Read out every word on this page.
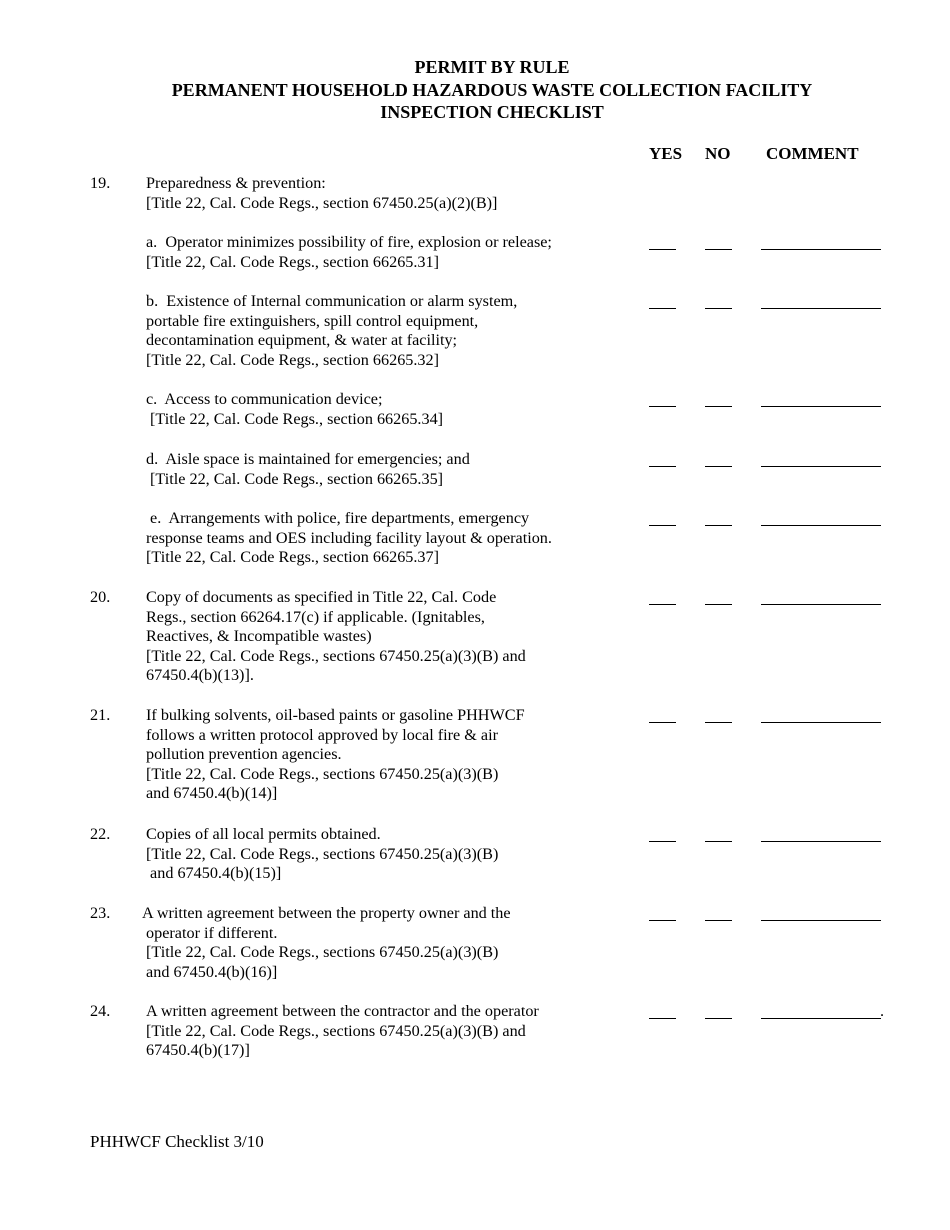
PERMIT BY RULE
PERMANENT HOUSEHOLD HAZARDOUS WASTE COLLECTION FACILITY
INSPECTION CHECKLIST
YES NO COMMENT
19. Preparedness & prevention:
[Title 22, Cal. Code Regs., section 67450.25(a)(2)(B)]
a.  Operator minimizes possibility of fire, explosion or release;
[Title 22, Cal. Code Regs., section 66265.31]
b.  Existence of Internal communication or alarm system,
portable fire extinguishers, spill control equipment,
decontamination equipment, & water at facility;
[Title 22, Cal. Code Regs., section 66265.32]
c.  Access to communication device;
[Title 22, Cal. Code Regs., section 66265.34]
d.  Aisle space is maintained for emergencies; and
[Title 22, Cal. Code Regs., section 66265.35]
e.  Arrangements with police, fire departments, emergency
response teams and OES including facility layout & operation.
[Title 22, Cal. Code Regs., section 66265.37]
20. Copy of documents as specified in Title 22, Cal. Code
Regs., section 66264.17(c) if applicable. (Ignitables,
Reactives, & Incompatible wastes)
[Title 22, Cal. Code Regs., sections 67450.25(a)(3)(B) and
67450.4(b)(13)].
21. If bulking solvents, oil-based paints or gasoline PHHWCF
follows a written protocol approved by local fire & air
pollution prevention agencies.
[Title 22, Cal. Code Regs., sections 67450.25(a)(3)(B)
and 67450.4(b)(14)]
22. Copies of all local permits obtained.
[Title 22, Cal. Code Regs., sections 67450.25(a)(3)(B)
and 67450.4(b)(15)]
23. A written agreement between the property owner and the
operator if different.
[Title 22, Cal. Code Regs., sections 67450.25(a)(3)(B)
and 67450.4(b)(16)]
24. A written agreement between the contractor and the operator
[Title 22, Cal. Code Regs., sections 67450.25(a)(3)(B) and
67450.4(b)(17)]
.
PHHWCF Checklist 3/10
